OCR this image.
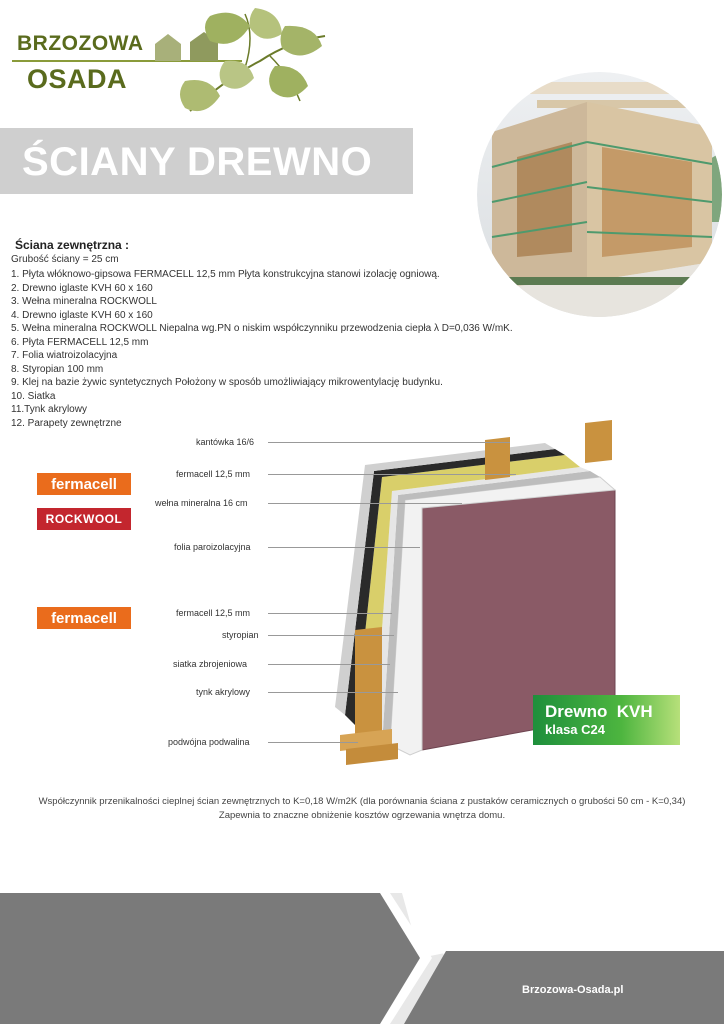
BRZOZOWA
OSADA
ŚCIANY DREWNO
Ściana zewnętrzna :
Grubość ściany = 25 cm
1. Płyta włóknowo-gipsowa FERMACELL 12,5 mm Płyta konstrukcyjna stanowi izolację ogniową.
2. Drewno iglaste KVH 60 x 160
3. Wełna mineralna ROCKWOLL
4. Drewno iglaste KVH 60 x 160
5. Wełna mineralna ROCKWOLL Niepalna wg.PN o niskim współczynniku przewodzenia ciepła λ D=0,036 W/mK.
6. Płyta FERMACELL 12,5 mm
7. Folia wiatroizolacyjna
8. Styropian 100 mm
9. Klej na bazie żywic syntetycznych Położony w sposób umożliwiający mikrowentylację budynku.
10. Siatka
11.Tynk akrylowy
12. Parapety zewnętrzne
fermacell
ROCKWOOL
fermacell
kantówka 16/6
fermacell 12,5 mm
wełna mineralna 16 cm
folia paroizolacyjna
fermacell 12,5 mm
styropian
siatka zbrojeniowa
tynk akrylowy
podwójna podwalina
Drewno  KVH
klasa C24
Współczynnik przenikalności cieplnej ścian zewnętrznych to K=0,18 W/m2K (dla porównania ściana z pustaków ceramicznych o grubości 50 cm - K=0,34)
Zapewnia to znaczne obniżenie kosztów ogrzewania wnętrza domu.
Brzozowa-Osada.pl
